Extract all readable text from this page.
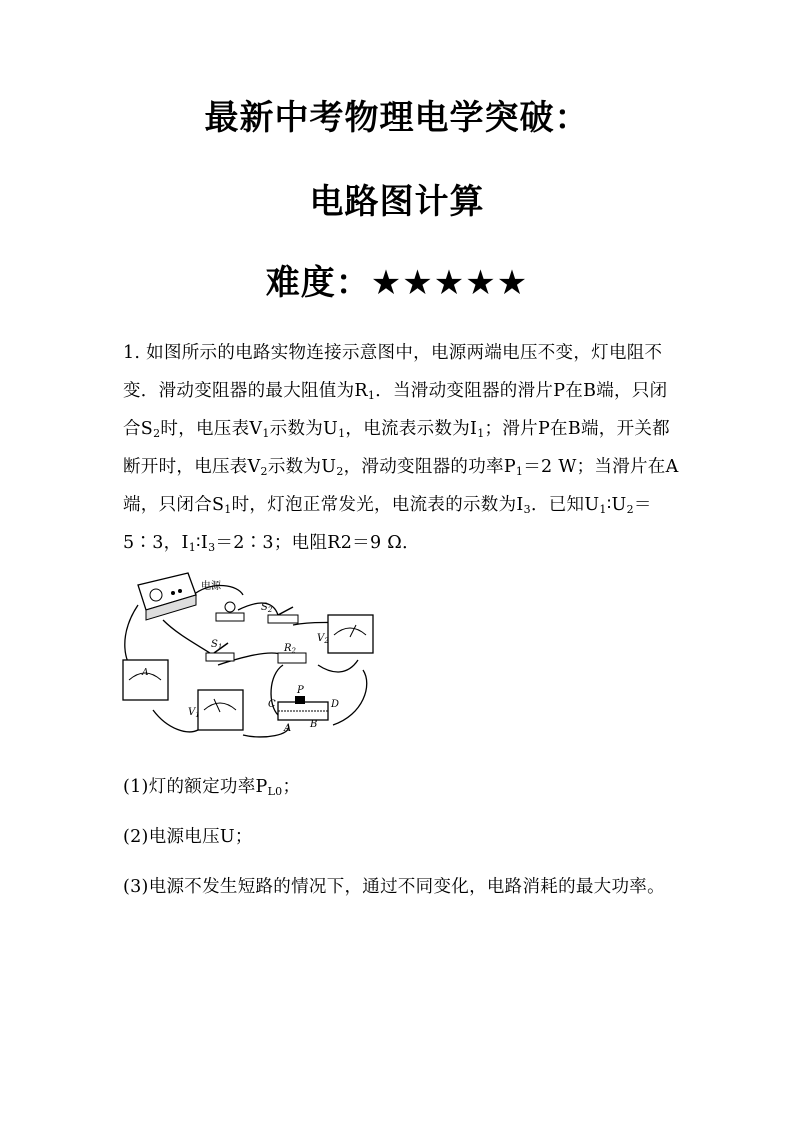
最新中考物理电学突破：
电路图计算
难度：★★★★★
1. 如图所示的电路实物连接示意图中，电源两端电压不变，灯电阻不变．滑动变阻器的最大阻值为$R_1$．当滑动变阻器的滑片P在B端，只闭合$S_2$时，电压表$V_1$示数为$U_1$，电流表示数为$I_1$；滑片P在B端，开关都断开时，电压表$V_2$示数为$U_2$，滑动变阻器的功率$P_1=2$ W；当滑片在A端，只闭合$S_1$时，灯泡正常发光，电流表的示数为$I_3$．已知$U_1∶U_2=5∶3$，$I_1∶I_3=2∶3$；电阻R2＝9 Ω．
电源
$S_2$
$S_1$
$V_2$
$V_1$
$R_2$
A
P
C	D
A B
(1)灯的额定功率$P_{L0}$；
(2)电源电压U；
(3)电源不发生短路的情况下，通过不同变化，电路消耗的最大功率。
